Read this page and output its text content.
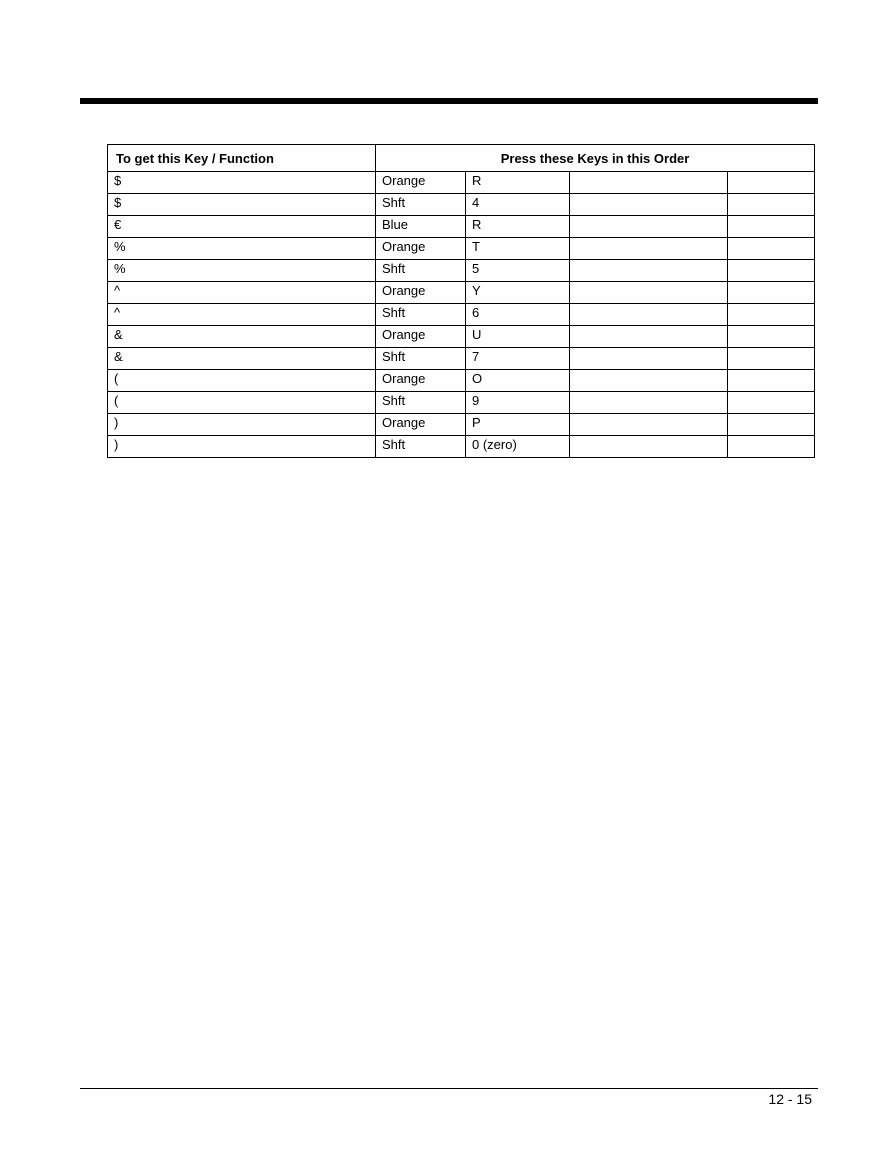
To get this Key / Function	Press these Keys in this Order			
$	Orange	R		
$	Shft	4		
€	Blue	R		
%	Orange	T		
%	Shft	5		
^	Orange	Y		
^	Shft	6		
&	Orange	U		
&	Shft	7		
(	Orange	O		
(	Shft	9		
)	Orange	P		
)	Shft	0 (zero)		
12 - 15
